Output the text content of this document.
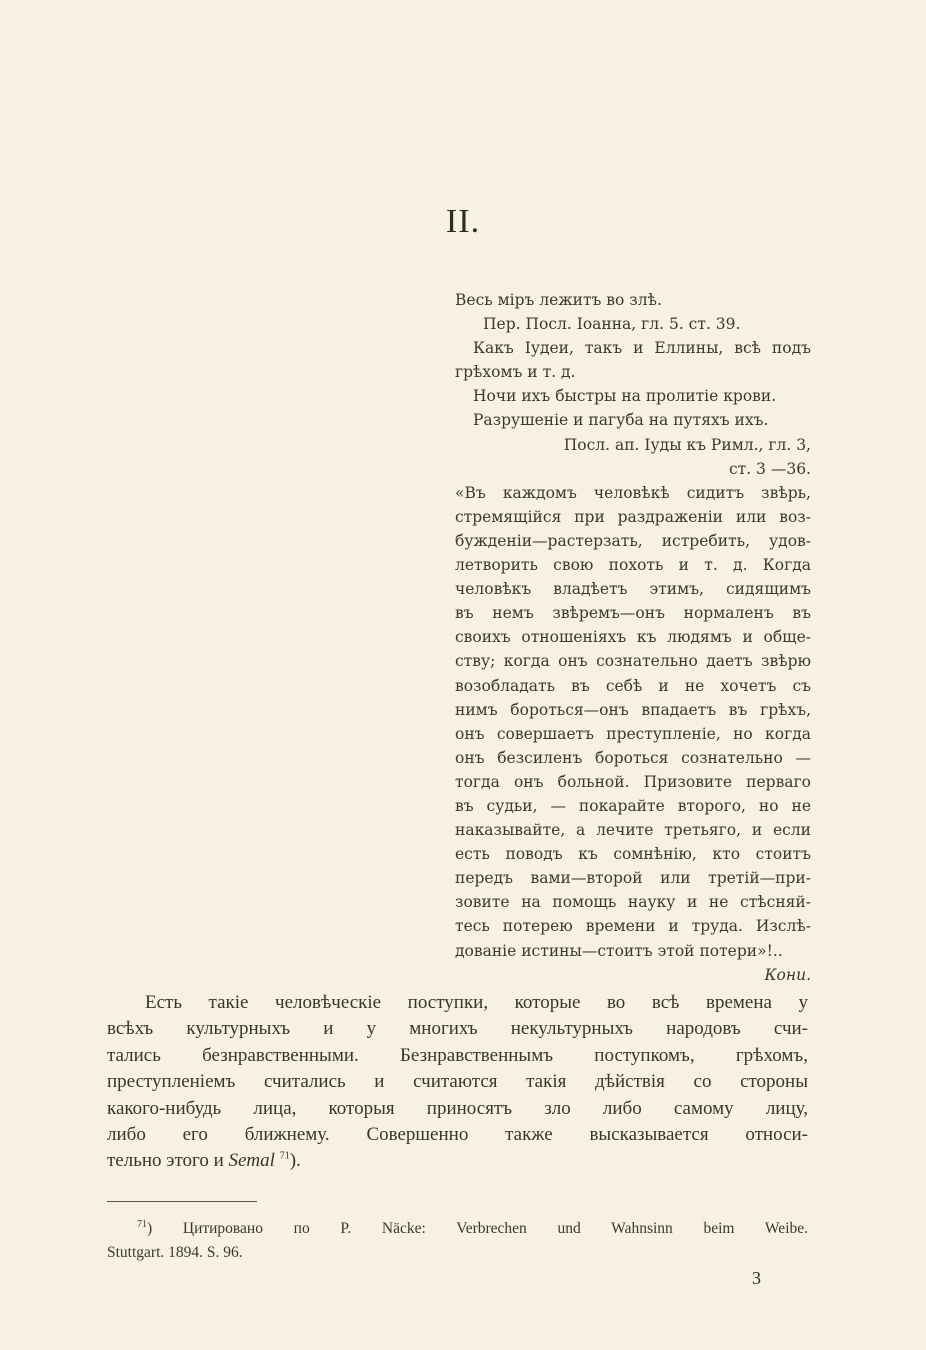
II.
Весь міръ лежитъ во злѣ.
Пер. Посл. Іоанна, гл. 5. ст. 39.
Какъ Іудеи, такъ и Еллины, всѣ подъ
грѣхомъ и т. д.
Ночи ихъ быстры на пролитіе крови.
Разрушеніе и пагуба на путяхъ ихъ.
Посл. ап. Іуды къ Римл., гл. 3,
ст. 3 —36.
«Въ каждомъ человѣкѣ сидитъ звѣрь,
стремящійся при раздраженіи или воз-
бужденіи—растерзать, истребить, удов-
летворить свою похоть и т. д. Когда
человѣкъ владѣетъ этимъ, сидящимъ
въ немъ звѣремъ—онъ нормаленъ въ
своихъ отношеніяхъ къ людямъ и обще-
ству; когда онъ сознательно даетъ звѣрю
возобладать въ себѣ и не хочетъ съ
нимъ бороться—онъ впадаетъ въ грѣхъ,
онъ совершаетъ преступленіе, но когда
онъ безсиленъ бороться сознательно —
тогда онъ больной. Призовите перваго
въ судьи, — покарайте второго, но не
наказывайте, а лечите третьяго, и если
есть поводъ къ сомнѣнію, кто стоитъ
передъ вами—второй или третій—при-
зовите на помощь науку и не стѣсняй-
тесь потерею времени и труда. Изслѣ-
дованіе истины—стоитъ этой потери»!..
Кони.
Есть такіе человѣческіе поступки, которые во всѣ времена у
всѣхъ культурныхъ и у многихъ некультурныхъ народовъ счи-
тались безнравственными. Безнравственнымъ поступкомъ, грѣхомъ,
преступленіемъ считались и считаются такія дѣйствія со стороны
какого-нибудь лица, которыя приносятъ зло либо самому лицу,
либо его ближнему. Совершенно также высказывается относи-
тельно этого и Semal $^{71}$).
$^{71}$) Цитировано по P. Näcke: Verbrechen und Wahnsinn beim Weibe.
Stuttgart. 1894. S. 96.
3
